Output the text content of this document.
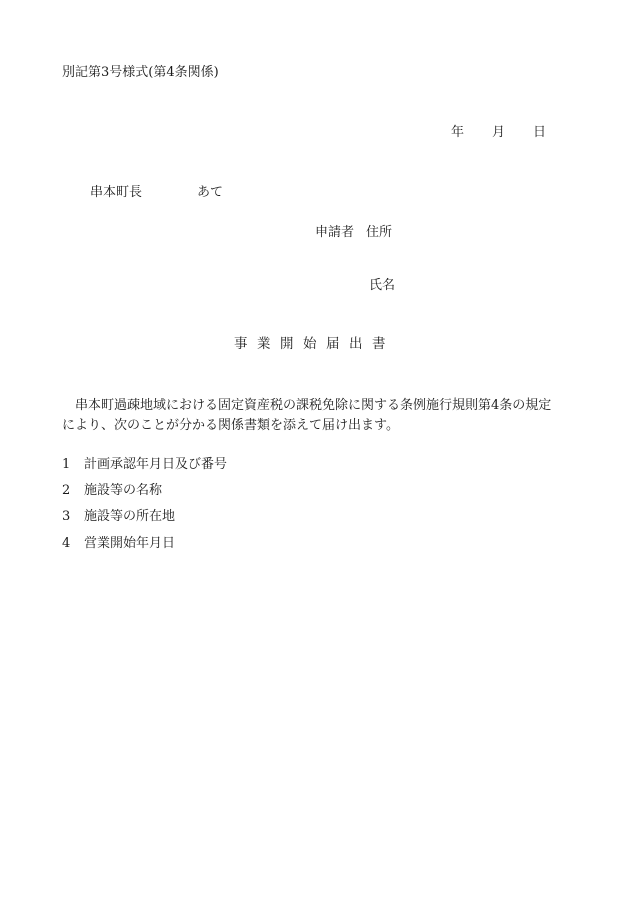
別記第3号様式(第4条関係)
年 月 日
串本町長	あて
申請者 住所
氏名
事業開始届出書
串本町過疎地域における固定資産税の課税免除に関する条例施行規則第4条の規定により、次のことが分かる関係書類を添えて届け出ます。
1 計画承認年月日及び番号
2 施設等の名称
3 施設等の所在地
4 営業開始年月日
